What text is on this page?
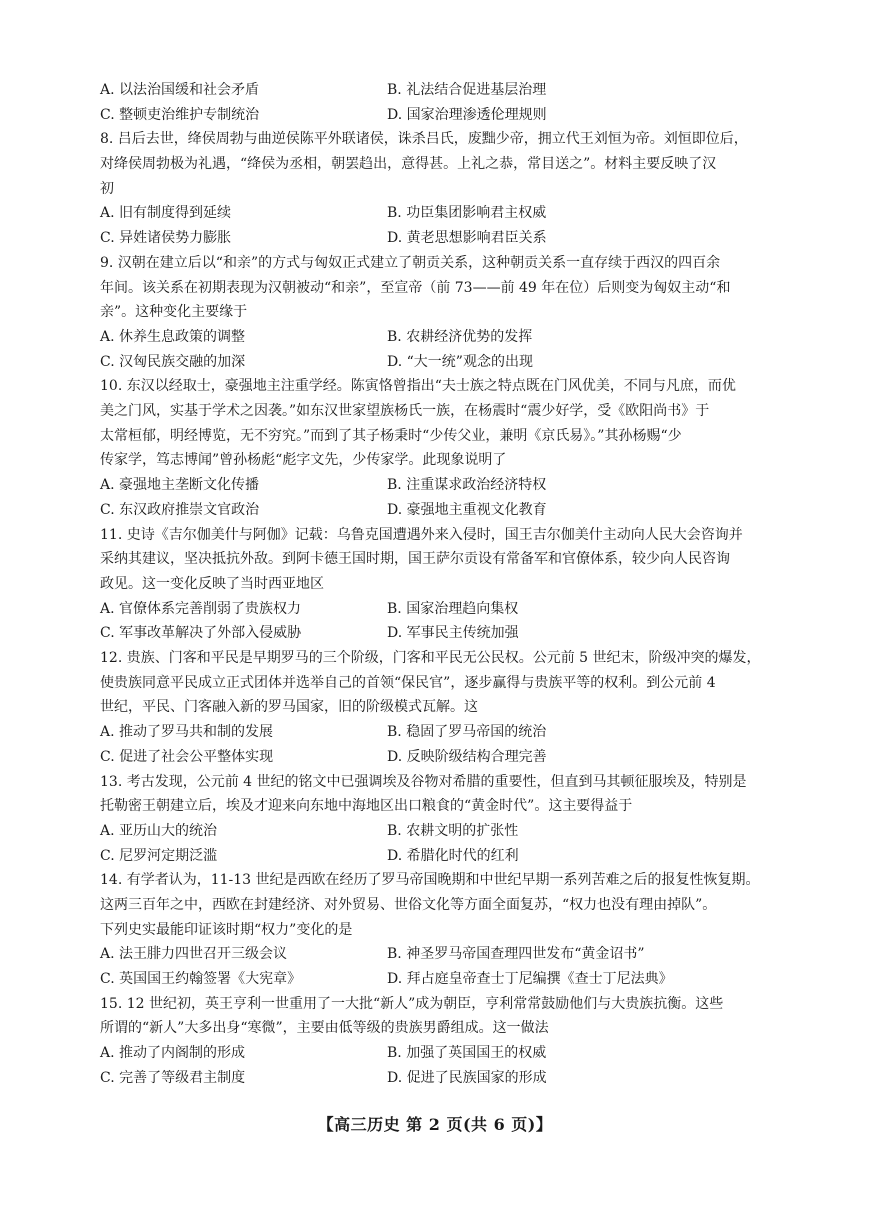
A. 以法治国缓和社会矛盾	B. 礼法结合促进基层治理
C. 整顿吏治维护专制统治	D. 国家治理渗透伦理规则

8. 吕后去世，绛侯周勃与曲逆侯陈平外联诸侯，诛杀吕氏，废黜少帝，拥立代王刘恒为帝。刘恒即位后，
对绛侯周勃极为礼遇，“绛侯为丞相，朝罢趋出，意得甚。上礼之恭，常目送之”。材料主要反映了汉
初

A. 旧有制度得到延续	B. 功臣集团影响君主权威
C. 异姓诸侯势力膨胀	D. 黄老思想影响君臣关系

9. 汉朝在建立后以“和亲”的方式与匈奴正式建立了朝贡关系，这种朝贡关系一直存续于西汉的四百余
年间。该关系在初期表现为汉朝被动“和亲”，至宣帝（前 73——前 49 年在位）后则变为匈奴主动“和
亲”。这种变化主要缘于

A. 休养生息政策的调整	B. 农耕经济优势的发挥
C. 汉匈民族交融的加深	D. “大一统”观念的出现

10. 东汉以经取士，豪强地主注重学经。陈寅恪曾指出“夫士族之特点既在门风优美，不同与凡庶，而优
美之门风，实基于学术之因袭。”如东汉世家望族杨氏一族，在杨震时“震少好学，受《欧阳尚书》于
太常桓郁，明经博览，无不穷究。”而到了其子杨秉时“少传父业，兼明《京氏易》。”其孙杨赐“少
传家学，笃志博闻”曾孙杨彪“彪字文先，少传家学。此现象说明了

A. 豪强地主垄断文化传播	B. 注重谋求政治经济特权
C. 东汉政府推崇文官政治	D. 豪强地主重视文化教育

11. 史诗《吉尔伽美什与阿伽》记载：乌鲁克国遭遇外来入侵时，国王吉尔伽美什主动向人民大会咨询并
采纳其建议，坚决抵抗外敌。到阿卡德王国时期，国王萨尔贡设有常备军和官僚体系，较少向人民咨询
政见。这一变化反映了当时西亚地区

A. 官僚体系完善削弱了贵族权力	B. 国家治理趋向集权
C. 军事改革解决了外部入侵威胁	D. 军事民主传统加强

12. 贵族、门客和平民是早期罗马的三个阶级，门客和平民无公民权。公元前 5 世纪末，阶级冲突的爆发，
使贵族同意平民成立正式团体并选举自己的首领“保民官”，逐步赢得与贵族平等的权利。到公元前 4
世纪，平民、门客融入新的罗马国家，旧的阶级模式瓦解。这

A. 推动了罗马共和制的发展	B. 稳固了罗马帝国的统治
C. 促进了社会公平整体实现	D. 反映阶级结构合理完善

13. 考古发现，公元前 4 世纪的铭文中已强调埃及谷物对希腊的重要性，但直到马其顿征服埃及，特别是
托勒密王朝建立后，埃及才迎来向东地中海地区出口粮食的“黄金时代”。这主要得益于

A. 亚历山大的统治	B. 农耕文明的扩张性
C. 尼罗河定期泛滥	D. 希腊化时代的红利

14. 有学者认为，11-13 世纪是西欧在经历了罗马帝国晚期和中世纪早期一系列苦难之后的报复性恢复期。
这两三百年之中，西欧在封建经济、对外贸易、世俗文化等方面全面复苏，“权力也没有理由掉队”。
下列史实最能印证该时期“权力”变化的是

A. 法王腓力四世召开三级会议	B. 神圣罗马帝国查理四世发布“黄金诏书”
C. 英国国王约翰签署《大宪章》	D. 拜占庭皇帝查士丁尼编撰《查士丁尼法典》

15. 12 世纪初，英王亨利一世重用了一大批“新人”成为朝臣，亨利常常鼓励他们与大贵族抗衡。这些
所谓的“新人”大多出身“寒微”，主要由低等级的贵族男爵组成。这一做法

A. 推动了内阁制的形成	B. 加强了英国国王的权威
C. 完善了等级君主制度	D. 促进了民族国家的形成
【高三历史 第 2 页(共 6 页)】
